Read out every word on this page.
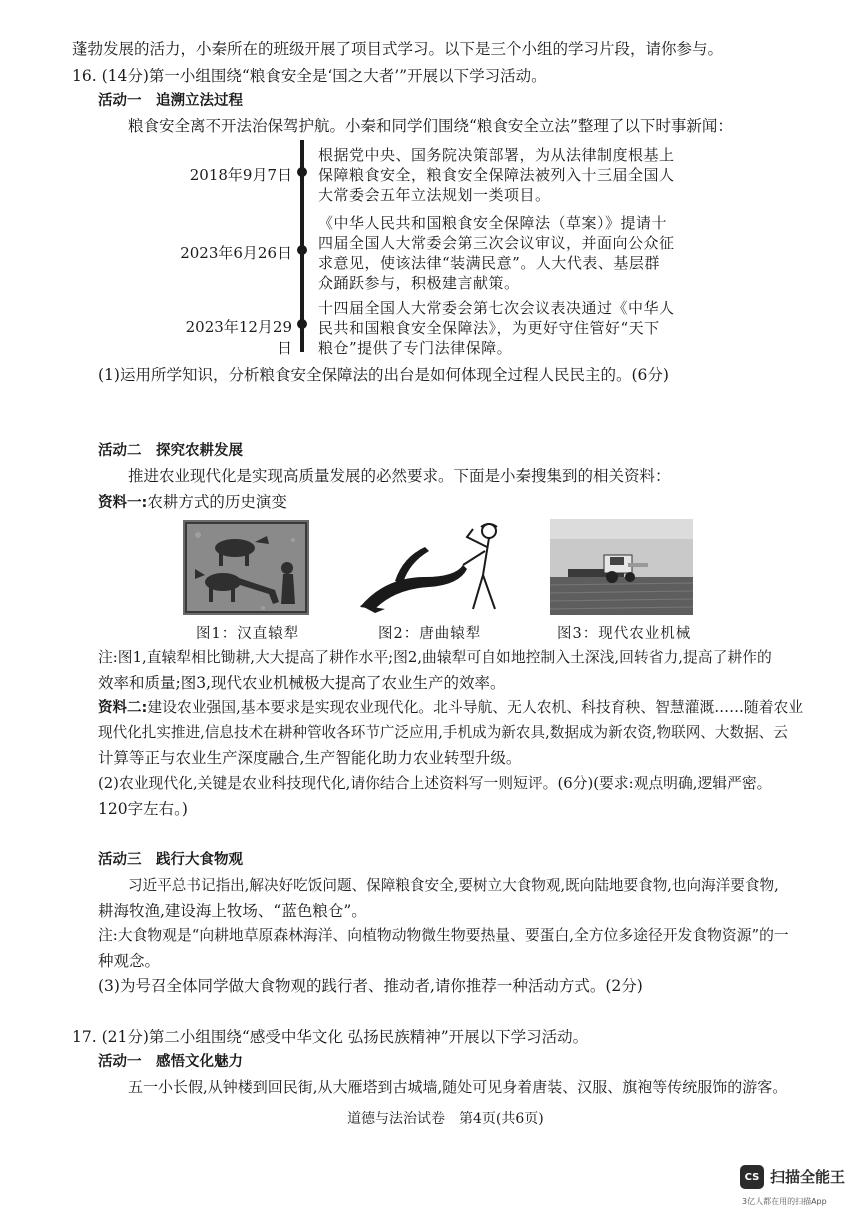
蓬勃发展的活力，小秦所在的班级开展了项目式学习。以下是三个小组的学习片段，请你参与。
16. (14分)第一小组围绕“粮食安全是‘国之大者’”开展以下学习活动。
活动一　追溯立法过程
粮食安全离不开法治保驾护航。小秦和同学们围绕“粮食安全立法”整理了以下时事新闻：
2018年9月7日
2023年6月26日
2023年12月29日
根据党中央、国务院决策部署，为从法律制度根基上
保障粮食安全，粮食安全保障法被列入十三届全国人
大常委会五年立法规划一类项目。
《中华人民共和国粮食安全保障法（草案）》提请十
四届全国人大常委会第三次会议审议，并面向公众征
求意见，使该法律“装满民意”。人大代表、基层群
众踊跃参与，积极建言献策。
十四届全国人大常委会第七次会议表决通过《中华人
民共和国粮食安全保障法》，为更好守住管好“天下
粮仓”提供了专门法律保障。
(1)运用所学知识，分析粮食安全保障法的出台是如何体现全过程人民民主的。(6分)
活动二　探究农耕发展
推进农业现代化是实现高质量发展的必然要求。下面是小秦搜集到的相关资料：
资料一:农耕方式的历史演变
图1：汉直辕犁	图2：唐曲辕犁	图3：现代农业机械
注:图1,直辕犁相比锄耕,大大提高了耕作水平;图2,曲辕犁可自如地控制入土深浅,回转省力,提高了耕作的
效率和质量;图3,现代农业机械极大提高了农业生产的效率。
资料二:建设农业强国,基本要求是实现农业现代化。北斗导航、无人农机、科技育秧、智慧灌溉……随着农业
现代化扎实推进,信息技术在耕种管收各环节广泛应用,手机成为新农具,数据成为新农资,物联网、大数据、云
计算等正与农业生产深度融合,生产智能化助力农业转型升级。
(2)农业现代化,关键是农业科技现代化,请你结合上述资料写一则短评。(6分)(要求:观点明确,逻辑严密。
120字左右。)
活动三　践行大食物观
习近平总书记指出,解决好吃饭问题、保障粮食安全,要树立大食物观,既向陆地要食物,也向海洋要食物,
耕海牧渔,建设海上牧场、“蓝色粮仓”。
注:大食物观是“向耕地草原森林海洋、向植物动物微生物要热量、要蛋白,全方位多途径开发食物资源”的一
种观念。
(3)为号召全体同学做大食物观的践行者、推动者,请你推荐一种活动方式。(2分)
17. (21分)第二小组围绕“感受中华文化 弘扬民族精神”开展以下学习活动。
活动一　感悟文化魅力
五一小长假,从钟楼到回民街,从大雁塔到古城墙,随处可见身着唐装、汉服、旗袍等传统服饰的游客。
道德与法治试卷　第4页(共6页)
CS 扫描全能王
3亿人都在用的扫描App
